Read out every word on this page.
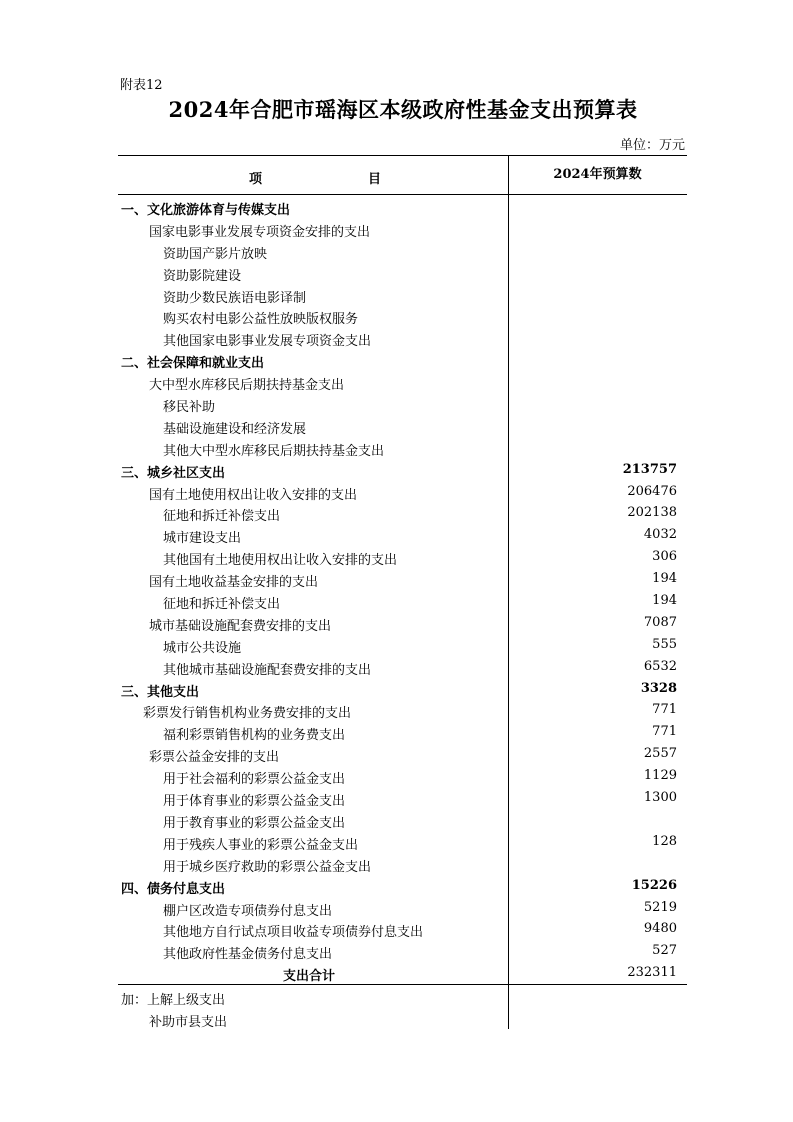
附表12
2024年合肥市瑶海区本级政府性基金支出预算表
单位：万元
项	目	2024年预算数
一、文化旅游体育与传媒支出
国家电影事业发展专项资金安排的支出
资助国产影片放映
资助影院建设
资助少数民族语电影译制
购买农村电影公益性放映版权服务
其他国家电影事业发展专项资金支出
二、社会保障和就业支出
大中型水库移民后期扶持基金支出
移民补助
基础设施建设和经济发展
其他大中型水库移民后期扶持基金支出
三、城乡社区支出	213757
国有土地使用权出让收入安排的支出	206476
征地和拆迁补偿支出	202138
城市建设支出	4032
其他国有土地使用权出让收入安排的支出	306
国有土地收益基金安排的支出	194
征地和拆迁补偿支出	194
城市基础设施配套费安排的支出	7087
城市公共设施	555
其他城市基础设施配套费安排的支出	6532
三、其他支出	3328
彩票发行销售机构业务费安排的支出	771
福利彩票销售机构的业务费支出	771
彩票公益金安排的支出	2557
用于社会福利的彩票公益金支出	1129
用于体育事业的彩票公益金支出	1300
用于教育事业的彩票公益金支出
用于残疾人事业的彩票公益金支出	128
用于城乡医疗救助的彩票公益金支出
四、债务付息支出	15226
棚户区改造专项债券付息支出	5219
其他地方自行试点项目收益专项债券付息支出	9480
其他政府性基金债务付息支出	527
支出合计	232311
加：上解上级支出
补助市县支出
